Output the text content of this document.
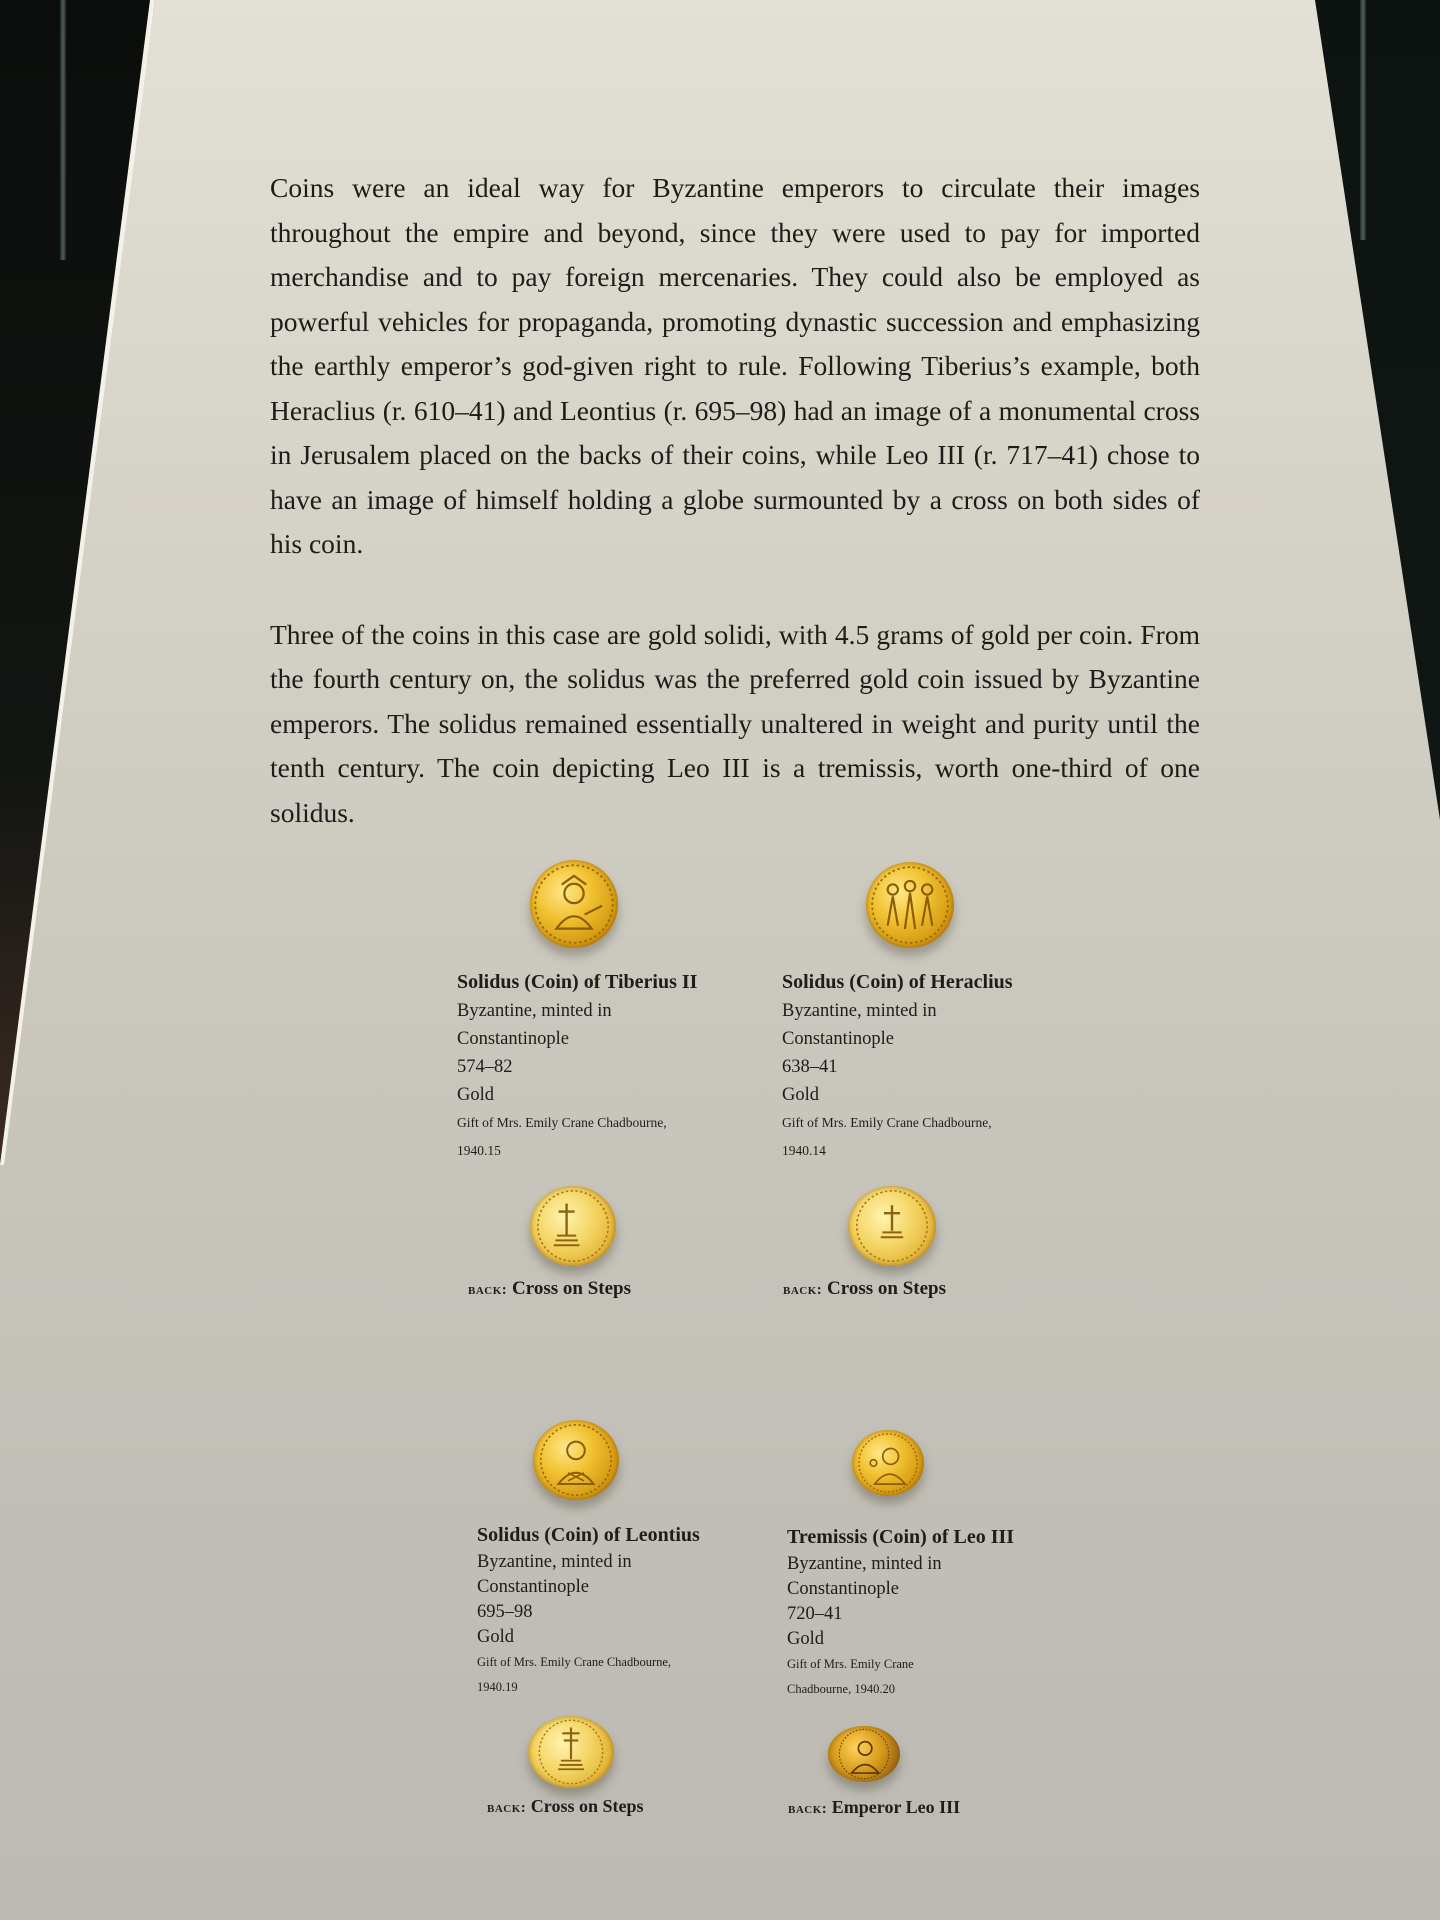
Coins were an ideal way for Byzantine emperors to circulate their images throughout the empire and beyond, since they were used to pay for imported merchandise and to pay foreign mercenaries. They could also be employed as powerful vehicles for propaganda, promoting dynastic succession and emphasizing the earthly emperor’s god-given right to rule. Following Tiberius’s example, both Heraclius (r. 610–41) and Leontius (r. 695–98) had an image of a monumental cross in Jerusalem placed on the backs of their coins, while Leo III (r. 717–41) chose to have an image of himself holding a globe surmounted by a cross on both sides of his coin.

Three of the coins in this case are gold solidi, with 4.5 grams of gold per coin. From the fourth century on, the solidus was the preferred gold coin issued by Byzantine emperors. The solidus remained essentially unaltered in weight and purity until the tenth century. The coin depicting Leo III is a tremissis, worth one-third of one solidus.

Solidus (Coin) of Tiberius II
Byzantine, minted in
Constantinople
574–82
Gold
Gift of Mrs. Emily Crane Chadbourne,
1940.15
back: Cross on Steps
Solidus (Coin) of Heraclius
Byzantine, minted in
Constantinople
638–41
Gold
Gift of Mrs. Emily Crane Chadbourne,
1940.14
back: Cross on Steps
Solidus (Coin) of Leontius
Byzantine, minted in
Constantinople
695–98
Gold
Gift of Mrs. Emily Crane Chadbourne,
1940.19
back: Cross on Steps
Tremissis (Coin) of Leo III
Byzantine, minted in
Constantinople
720–41
Gold
Gift of Mrs. Emily Crane
Chadbourne, 1940.20
back: Emperor Leo III
